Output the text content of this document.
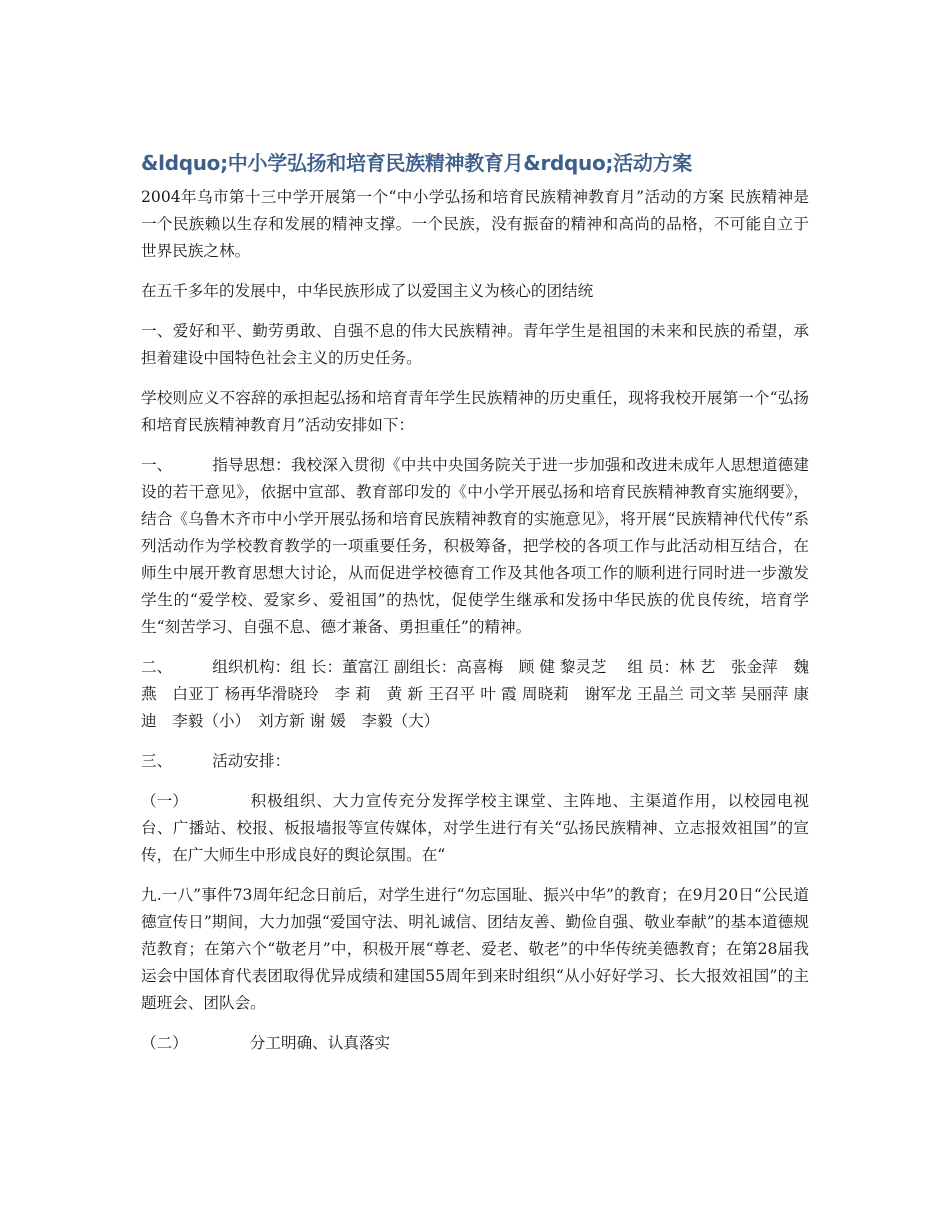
&ldquo;中小学弘扬和培育民族精神教育月&rdquo;活动方案

2004年乌市第十三中学开展第一个“中小学弘扬和培育民族精神教育月”活动的方案 民族精神是一个民族赖以生存和发展的精神支撑。一个民族，没有振奋的精神和高尚的品格，不可能自立于世界民族之林。

在五千多年的发展中，中华民族形成了以爱国主义为核心的团结统

一、爱好和平、勤劳勇敢、自强不息的伟大民族精神。青年学生是祖国的未来和民族的希望，承担着建设中国特色社会主义的历史任务。

学校则应义不容辞的承担起弘扬和培育青年学生民族精神的历史重任，现将我校开展第一个“弘扬和培育民族精神教育月”活动安排如下：

一、	指导思想：我校深入贯彻《中共中央国务院关于进一步加强和改进未成年人思想道德建设的若干意见》，依据中宣部、教育部印发的《中小学开展弘扬和培育民族精神教育实施纲要》，结合《乌鲁木齐市中小学开展弘扬和培育民族精神教育的实施意见》，将开展“民族精神代代传”系列活动作为学校教育教学的一项重要任务，积极筹备，把学校的各项工作与此活动相互结合，在师生中展开教育思想大讨论，从而促进学校德育工作及其他各项工作的顺利进行同时进一步激发学生的“爱学校、爱家乡、爱祖国”的热忱，促使学生继承和发扬中华民族的优良传统，培育学生“刻苦学习、自强不息、德才兼备、勇担重任”的精神。

二、	组织机构：组 长：董富江 副组长：高喜梅　顾 健 黎灵芝　 组 员：林 艺　张金萍　魏 燕　白亚丁 杨再华滑晓玲　李 莉　黄 新 王召平 叶 霞 周晓莉　谢军龙 王晶兰 司文莘 吴丽萍 康 迪　李毅（小）　刘方新 谢 媛　李毅（大）

三、	活动安排：

（一）	积极组织、大力宣传充分发挥学校主课堂、主阵地、主渠道作用，以校园电视台、广播站、校报、板报墙报等宣传媒体，对学生进行有关“弘扬民族精神、立志报效祖国”的宣传，在广大师生中形成良好的舆论氛围。在“

九.一八”事件73周年纪念日前后，对学生进行“勿忘国耻、振兴中华”的教育；在9月20日“公民道德宣传日”期间，大力加强“爱国守法、明礼诚信、团结友善、勤俭自强、敬业奉献”的基本道德规范教育；在第六个“敬老月”中，积极开展“尊老、爱老、敬老”的中华传统美德教育；在第28届我运会中国体育代表团取得优异成绩和建国55周年到来时组织“从小好好学习、长大报效祖国”的主题班会、团队会。

（二）	分工明确、认真落实
